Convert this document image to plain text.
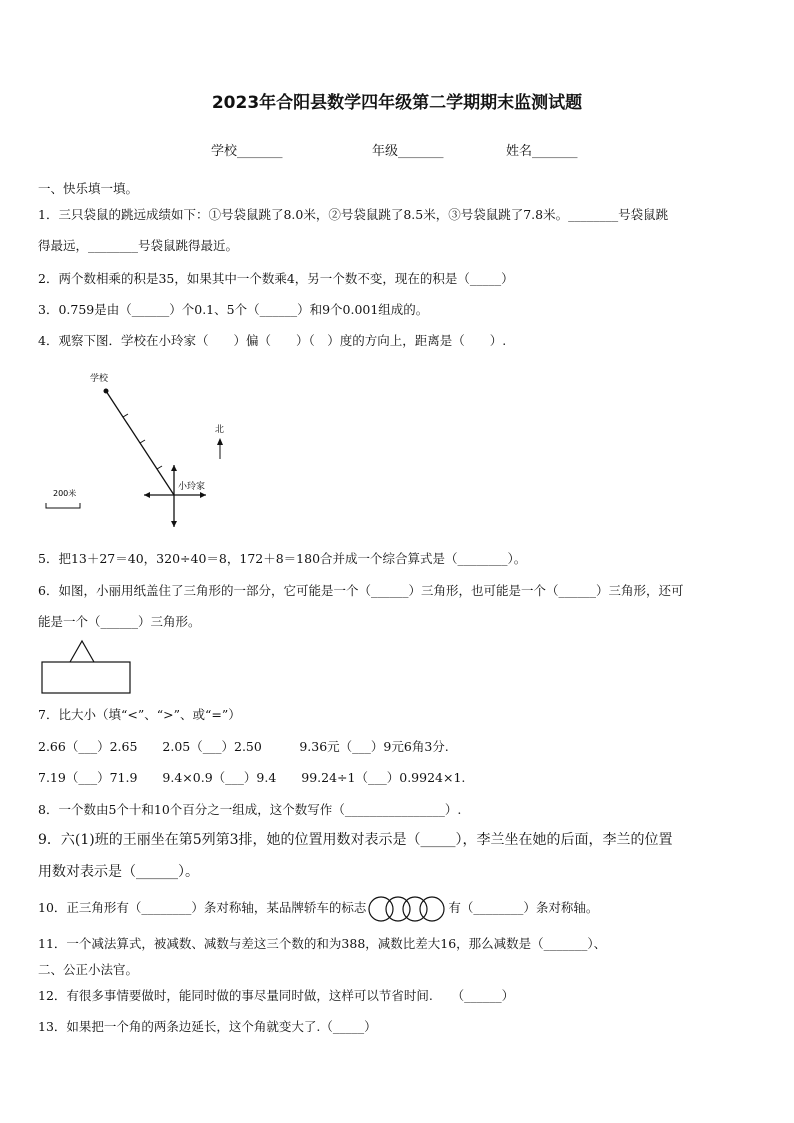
2023年合阳县数学四年级第二学期期末监测试题
学校_______	年级_______	姓名_______
一、快乐填一填。
1．三只袋鼠的跳远成绩如下：①号袋鼠跳了8.0米，②号袋鼠跳了8.5米，③号袋鼠跳了7.8米。________号袋鼠跳
得最远，________号袋鼠跳得最近。
2．两个数相乘的积是35，如果其中一个数乘4，另一个数不变，现在的积是（_____）
3．0.759是由（______）个0.1、5个（______）和9个0.001组成的。
4．观察下图．学校在小玲家（　　）偏（　　）（　）度的方向上，距离是（　　）.
学校
小玲家
北
200米
5．把13＋27＝40，320÷40＝8，172＋8＝180合并成一个综合算式是（________）。
6．如图，小丽用纸盖住了三角形的一部分，它可能是一个（______）三角形，也可能是一个（______）三角形，还可
能是一个（______）三角形。
7．比大小（填“<”、“>”、或“=”）
2.66（___）2.65　　2.05（___）2.50　　　9.36元（___）9元6角3分.
7.19（___）71.9　　9.4×0.9（___）9.4　　99.24÷1（___）0.9924×1.
8．一个数由5个十和10个百分之一组成，这个数写作（________________）.
9．六(1)班的王丽坐在第5列第3排，她的位置用数对表示是（_____），李兰坐在她的后面，李兰的位置
用数对表示是（______）。
10．正三角形有（________）条对称轴，某品牌轿车的标志	有（________）条对称轴。
11．一个减法算式，被减数、减数与差这三个数的和为388，减数比差大16，那么减数是（_______）、
二、公正小法官。
12．有很多事情要做时，能同时做的事尽量同时做，这样可以节省时间.　　（______）
13．如果把一个角的两条边延长，这个角就变大了.（_____）
